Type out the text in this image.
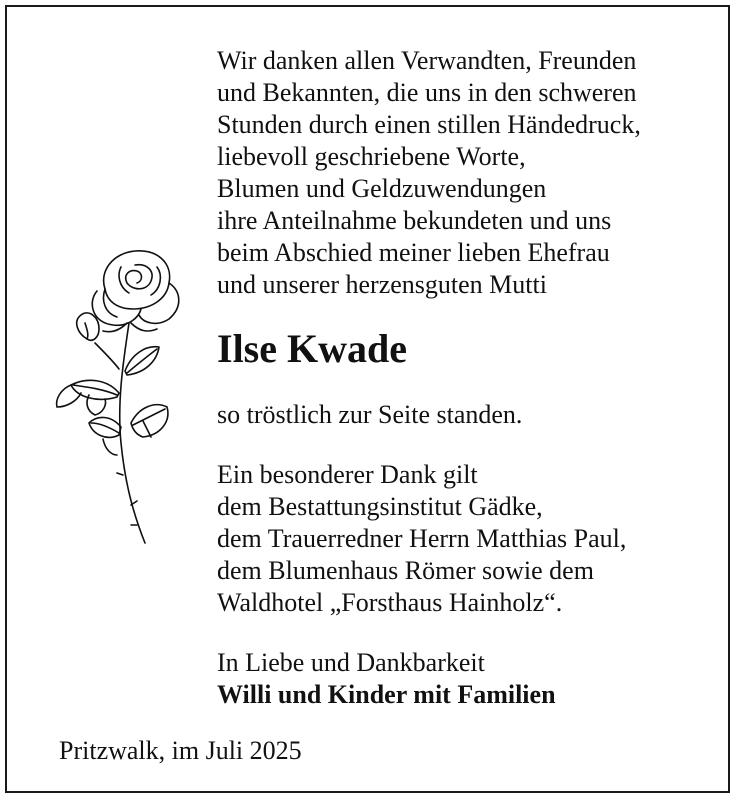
Wir danken allen Verwandten, Freunden
und Bekannten, die uns in den schweren
Stunden durch einen stillen Händedruck,
liebevoll geschriebene Worte,
Blumen und Geldzuwendungen
ihre Anteilnahme bekundeten und uns
beim Abschied meiner lieben Ehefrau
und unserer herzensguten Mutti
Ilse Kwade
so tröstlich zur Seite standen.
Ein besonderer Dank gilt
dem Bestattungsinstitut Gädke,
dem Trauerredner Herrn Matthias Paul,
dem Blumenhaus Römer sowie dem
Waldhotel „Forsthaus Hainholz“.
In Liebe und Dankbarkeit
Willi und Kinder mit Familien
Pritzwalk, im Juli 2025
